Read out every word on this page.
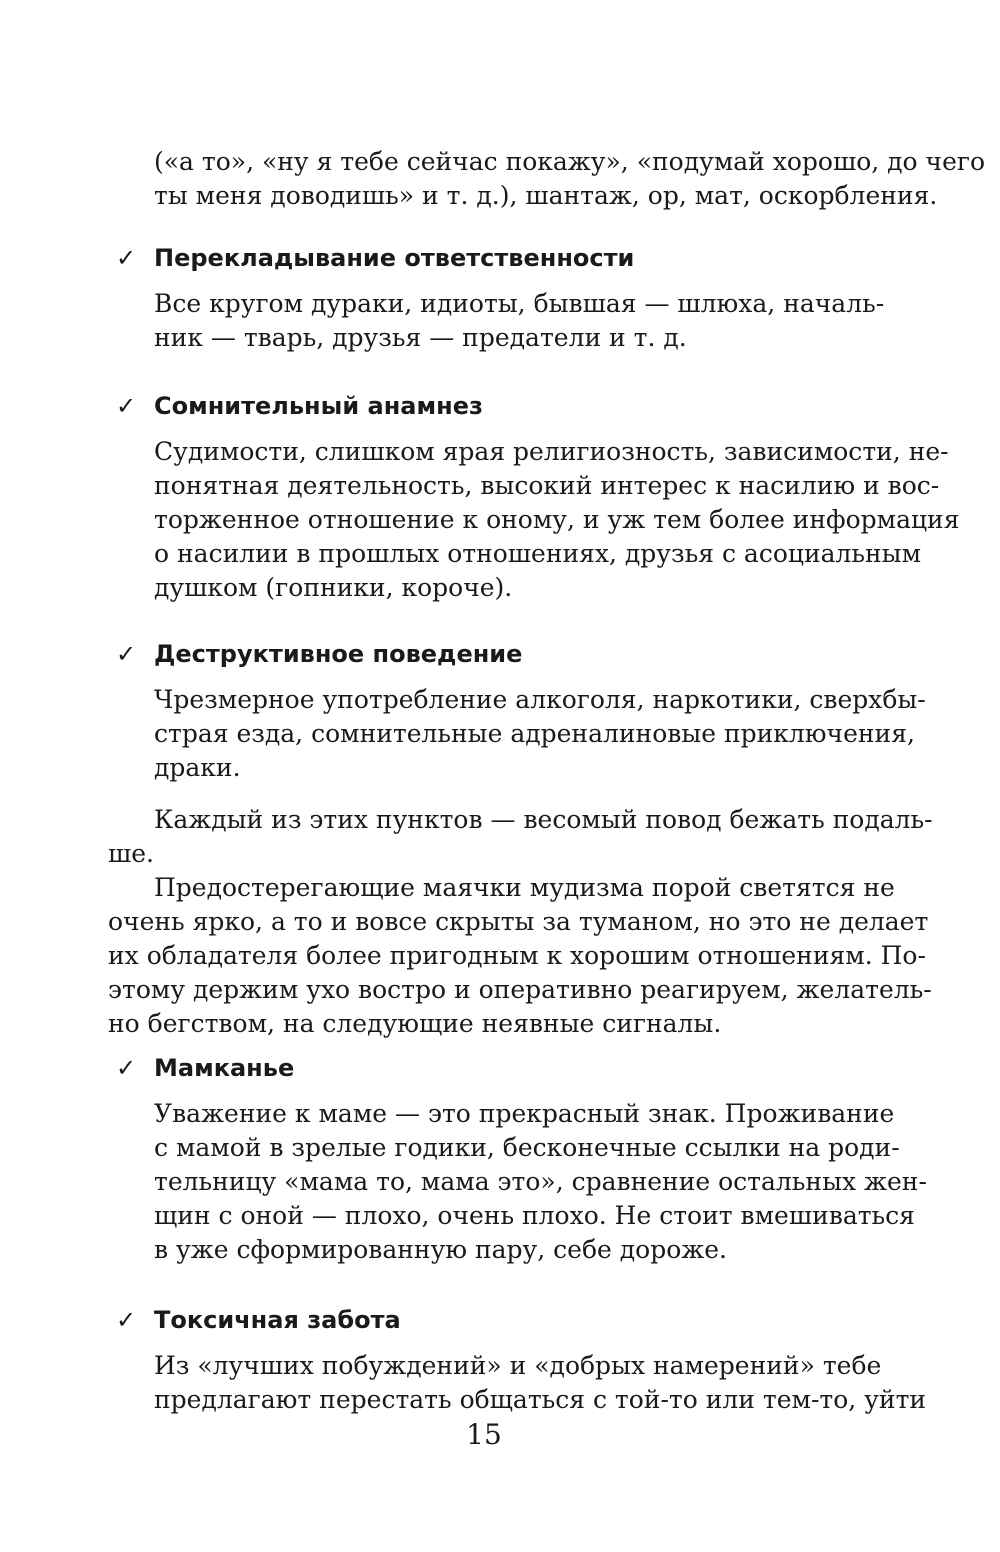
(«а то», «ну я тебе сейчас покажу», «подумай хорошо, до чего
ты меня доводишь» и т. д.), шантаж, ор, мат, оскорбления.
✓ Перекладывание ответственности
Все кругом дураки, идиоты, бывшая — шлюха, началь-
ник — тварь, друзья — предатели и т. д.
✓ Сомнительный анамнез
Судимости, слишком ярая религиозность, зависимости, не-
понятная деятельность, высокий интерес к насилию и вос-
торженное отношение к оному, и уж тем более информация
о насилии в прошлых отношениях, друзья с асоциальным
душком (гопники, короче).
✓ Деструктивное поведение
Чрезмерное употребление алкоголя, наркотики, сверхбы-
страя езда, сомнительные адреналиновые приключения,
драки.
Каждый из этих пунктов — весомый повод бежать подаль-
ше.
Предостерегающие маячки мудизма порой светятся не
очень ярко, а то и вовсе скрыты за туманом, но это не делает
их обладателя более пригодным к хорошим отношениям. По-
этому держим ухо востро и оперативно реагируем, желатель-
но бегством, на следующие неявные сигналы.
✓ Мамканье
Уважение к маме — это прекрасный знак. Проживание
с мамой в зрелые годики, бесконечные ссылки на роди-
тельницу «мама то, мама это», сравнение остальных жен-
щин с оной — плохо, очень плохо. Не стоит вмешиваться
в уже сформированную пару, себе дороже.
✓ Токсичная забота
Из «лучших побуждений» и «добрых намерений» тебе
предлагают перестать общаться с той-то или тем-то, уйти
15
